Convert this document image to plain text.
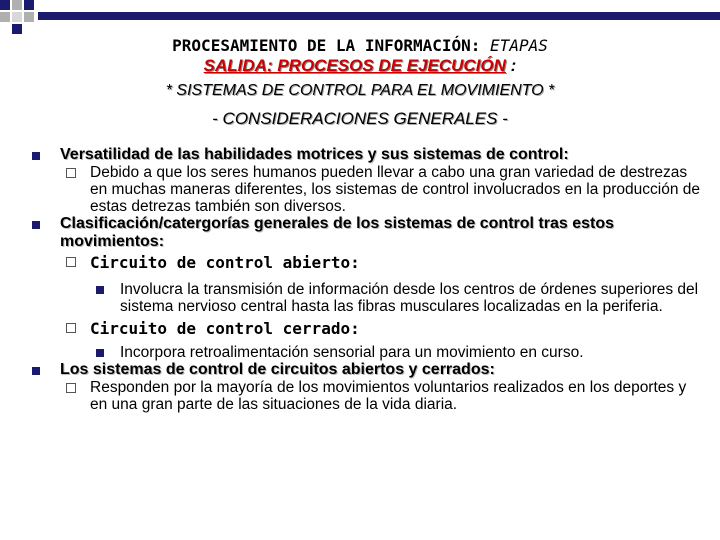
PROCESAMIENTO DE LA INFORMACIÓN: ETAPAS
SALIDA: PROCESOS DE EJECUCIÓN :
* SISTEMAS DE CONTROL PARA EL MOVIMIENTO *
- CONSIDERACIONES GENERALES -
Versatilidad de las habilidades motrices y sus sistemas de control:
Debido a que los seres humanos pueden llevar a cabo una gran variedad de destrezas en muchas maneras diferentes, los sistemas de control involucrados en la producción de estas detrezas también son diversos.
Clasificación/catergorías generales de los sistemas de control tras estos movimientos:
Circuito de control abierto:
Involucra la transmisión de información desde los centros de órdenes superiores del sistema nervioso central hasta las fibras musculares localizadas en la periferia.
Circuito de control cerrado:
Incorpora retroalimentación sensorial para un movimiento en curso.
Los sistemas de control de circuitos abiertos y cerrados:
Responden por la mayoría de los movimientos voluntarios realizados en los deportes y en una gran parte de las situaciones de la vida diaria.
